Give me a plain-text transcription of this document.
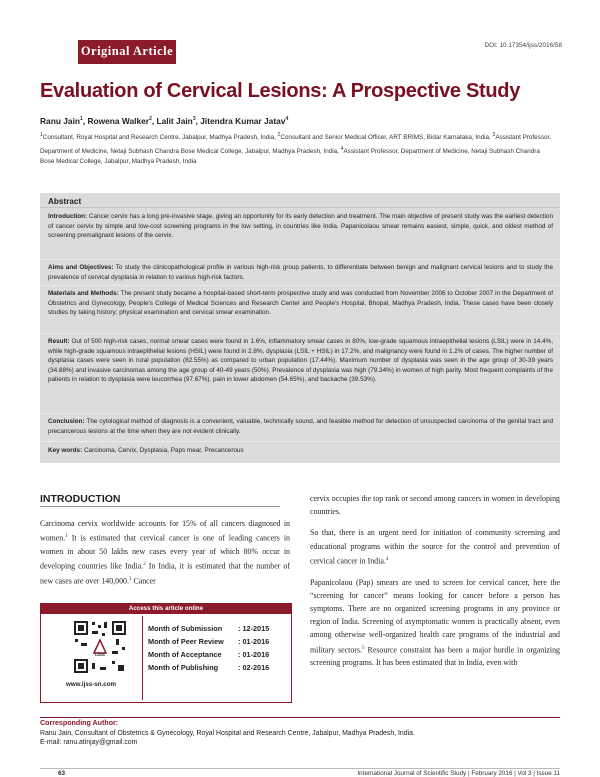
Original Article	DOI: 10.17354/ijss/2016/58
Evaluation of Cervical Lesions: A Prospective Study
Ranu Jain$^1$, Rowena Walker$^2$, Lalit Jain$^3$, Jitendra Kumar Jatav$^4$
$^1$Consultant, Royal Hospital and Research Centre, Jabalpur, Madhya Pradesh, India, $^2$Consultant and Senior Medical Officer, ART BRIMS, Bidar Karnataka, India, $^3$Assistant Professor, Department of Medicine, Netaji Subhash Chandra Bose Medical College, Jabalpur, Madhya Pradesh, India, $^4$Assistant Professor, Department of Medicine, Netaji Subhash Chandra Bose Medical College, Jabalpur, Madhya Pradesh, India
Abstract
Introduction: Cancer cervix has a long pre-invasive stage, giving an opportunity for its early detection and treatment. The main objective of present study was the earliest detection of cancer cervix by simple and low-cost screening programs in the low setting, in countries like India. Papanicolaou smear remains easiest, simple, quick, and oldest method of screening premalignant lesions of the cervix.
Aims and Objectives: To study the clinicopathological profile in various high-risk group patients, to differentiate between benign and malignant cervical lesions and to study the prevalence of cervical dysplasia in relation to various high-risk factors.
Materials and Methods: The present study became a hospital-based short-term prospective study and was conducted from November 2006 to October 2007 in the Department of Obstetrics and Gynecology, People's College of Medical Sciences and Research Center and People's Hospital, Bhopal, Madhya Pradesh, India. These cases have been closely studies by taking history; physical examination and cervical smear examination.
Result: Out of 500 high-risk cases, normal smear cases were found in 1.6%, inflammatory smear cases in 80%, low-grade squamous intraepithelial lesions (LSIL) were in 14.4%, while high-grade squamous intraepithelial lesions (HSIL) were found in 2.8%, dysplasia (LSIL + HSIL) in 17.2%, and malignancy were found in 1.2% of cases. The higher number of dysplasia cases were seen in rural population (82.55%) as compared to urban population (17.44%). Maximum number of dysplasia was seen in the age group of 30-39 years (34.88%) and invasive carcinomas among the age group of 40-49 years (50%). Prevalence of dysplasia was high (79.34%) in women of high parity. Most frequent complaints of the patients in relation to dysplasia were leucorrhea (97.67%), pain in lower abdomen (54.65%), and backache (39.53%).
Conclusion: The cytological method of diagnosis is a convenient, valuable, technically sound, and feasible method for detection of unsuspected carcinoma of the genital tract and precancerous lesions at the time when they are not evident clinically.
Key words: Carcinoma, Cervix, Dysplasia, Paps mear, Precancerous
INTRODUCTION

Carcinoma cervix worldwide accounts for 15% of all cancers diagnosed in women.$^1$ It is estimated that cervical cancer is one of leading cancers in women in about 50 lakhs new cases every year of which 80% occur in developing countries like India.$^2$ In India, it is estimated that the number of new cases are over 140,000.$^3$ Cancer

cervix occupies the top rank or second among cancers in women in developing countries.

So that, there is an urgent need for initiation of community screening and educational programs within the source for the control and prevention of cervical cancer in India.$^4$

Papanicolaou (Pap) smears are used to screen for cervical cancer, here the “screening for cancer” means looking for cancer before a person has symptoms. There are no organized screening programs in any province or region of India. Screening of asymptomatic women is practically absent, even among otherwise well-organized health care programs of the industrial and military sectors.$^5$ Resource constraint has been a major hurdle in organizing screening programs. It has been estimated that in India, even with

Access this article online
IJSS
www.ijss-sn.com
Month of Submission	: 12-2015
Month of Peer Review	: 01-2016
Month of Acceptance	: 01-2016
Month of Publishing	: 02-2016
Corresponding Author:
Ranu Jain, Consultant of Obstetrics & Gynecology, Royal Hospital and Research Centre, Jabalpur, Madhya Pradesh, India.
E-mail: ranu.atinjay@gmail.com
63	International Journal of Scientific Study | February 2016 | Vol 3 | Issue 11
